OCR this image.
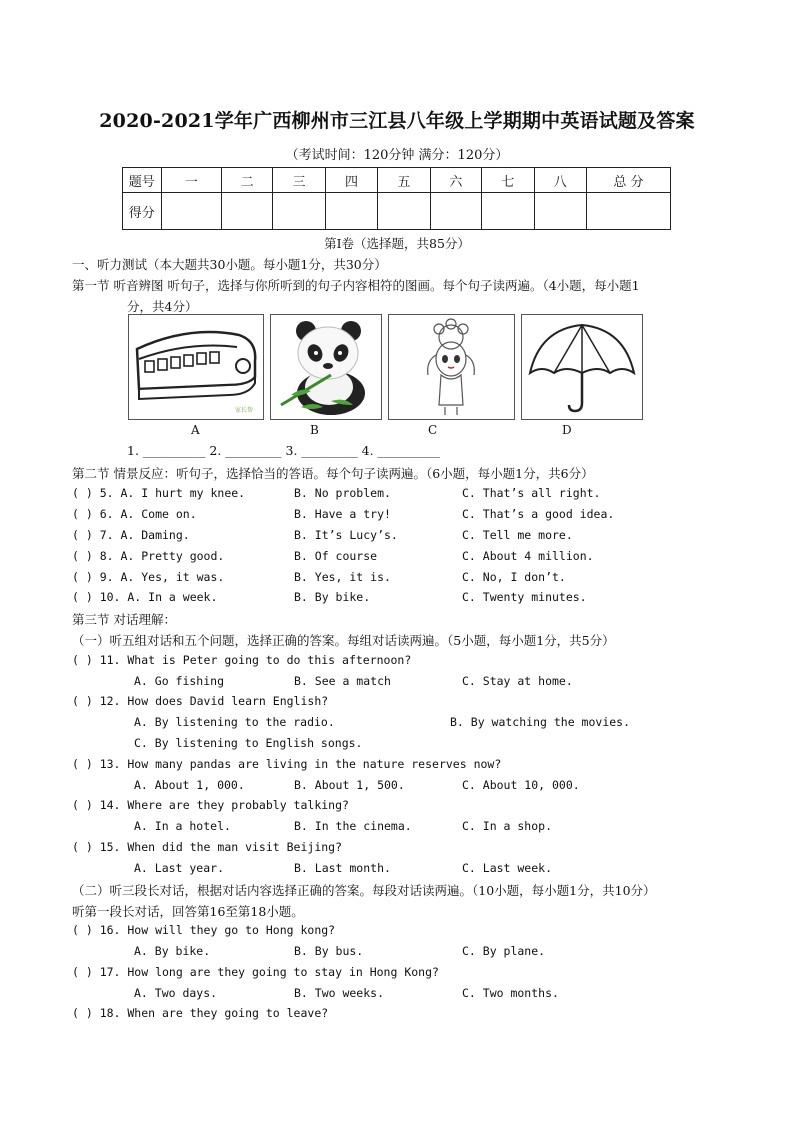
2020-2021学年广西柳州市三江县八年级上学期期中英语试题及答案
（考试时间：120分钟 满分：120分）
题号	一	二	三	四	五	六	七	八	总 分
得分									
第Ⅰ卷（选择题，共85分）
一、听力测试（本大题共30小题。每小题1分，共30分）
第一节 听音辨图 听句子，选择与你所听到的句子内容相符的图画。每个句子读两遍。（4小题，每小题1
分，共4分）
家长帮
A	B	C	D
1. __________ 2. _________ 3. _________ 4. __________
第二节 情景反应：听句子，选择恰当的答语。每个句子读两遍。（6小题，每小题1分，共6分）
( ) 5. A. I hurt my knee.	B. No problem.	C. That’s all right.
( ) 6. A. Come on.	B. Have a try!	C. That’s a good idea.
( ) 7. A. Daming.	B. It’s Lucy’s.	C. Tell me more.
( ) 8. A. Pretty good.	B. Of course	C. About 4 million.
( ) 9. A. Yes, it was.	B. Yes, it is.	C. No, I don’t.
( ) 10. A. In a week.	B. By bike.	C. Twenty minutes.
第三节 对话理解：
（一）听五组对话和五个问题，选择正确的答案。每组对话读两遍。（5小题，每小题1分，共5分）
( ) 11. What is Peter going to do this afternoon?
A. Go fishing	B. See a match	C. Stay at home.
( ) 12. How does David learn English?
A. By listening to the radio.	B. By watching the movies.
C. By listening to English songs.
( ) 13. How many pandas are living in the nature reserves now?
A. About 1, 000.	B. About 1, 500.	C. About 10, 000.
( ) 14. Where are they probably talking?
A. In a hotel.	B. In the cinema.	C. In a shop.
( ) 15. When did the man visit Beijing?
A. Last year.	B. Last month.	C. Last week.
（二）听三段长对话，根据对话内容选择正确的答案。每段对话读两遍。（10小题，每小题1分，共10分）
听第一段长对话，回答第16至第18小题。
( ) 16. How will they go to Hong kong?
A. By bike.	B. By bus.	C. By plane.
( ) 17. How long are they going to stay in Hong Kong?
A. Two days.	B. Two weeks.	C. Two months.
( ) 18. When are they going to leave?
